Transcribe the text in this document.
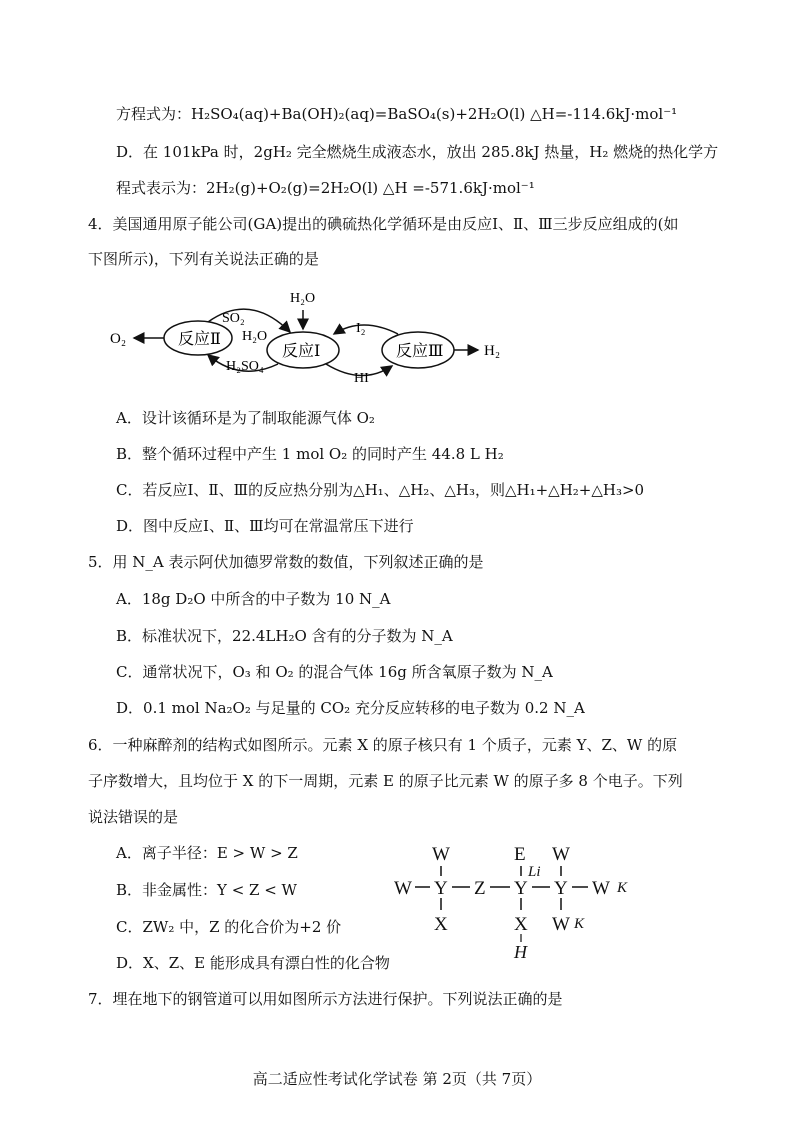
方程式为：H₂SO₄(aq)+Ba(OH)₂(aq)=BaSO₄(s)+2H₂O(l) △H=-114.6kJ·mol⁻¹
D．在 101kPa 时，2gH₂ 完全燃烧生成液态水，放出 285.8kJ 热量，H₂ 燃烧的热化学方
程式表示为：2H₂(g)+O₂(g)=2H₂O(l) △H =-571.6kJ·mol⁻¹
4．美国通用原子能公司(GA)提出的碘硫热化学循环是由反应Ⅰ、Ⅱ、Ⅲ三步反应组成的(如
下图所示)，下列有关说法正确的是
O₂	反应Ⅱ
反应Ⅰ	反应Ⅲ	H₂
H₂O
SO₂
H₂O
H₂SO₄
I₂
HI
A．设计该循环是为了制取能源气体 O₂
B．整个循环过程中产生 1 mol O₂ 的同时产生 44.8 L H₂
C．若反应Ⅰ、Ⅱ、Ⅲ的反应热分别为△H₁、△H₂、△H₃，则△H₁+△H₂+△H₃>0
D．图中反应Ⅰ、Ⅱ、Ⅲ均可在常温常压下进行
5．用 N_A 表示阿伏加德罗常数的数值，下列叙述正确的是
A．18g D₂O 中所含的中子数为 10 N_A
B．标准状况下，22.4LH₂O 含有的分子数为 N_A
C．通常状况下，O₃ 和 O₂ 的混合气体 16g 所含氧原子数为 N_A
D．0.1 mol Na₂O₂ 与足量的 CO₂ 充分反应转移的电子数为 0.2 N_A
6．一种麻醉剂的结构式如图所示。元素 X 的原子核只有 1 个质子，元素 Y、Z、W 的原
子序数增大，且均位于 X 的下一周期，元素 E 的原子比元素 W 的原子多 8 个电子。下列
说法错误的是
A．离子半径：E > W > Z
B．非金属性：Y < Z < W
C．ZW₂ 中，Z 的化合价为+2 价
D．X、Z、E 能形成具有漂白性的化合物
W Y Z Y Y W
W	E W
X	X W
Li
K
K
H
7．埋在地下的钢管道可以用如图所示方法进行保护。下列说法正确的是
高二适应性考试化学试卷 第 2页（共 7页）
